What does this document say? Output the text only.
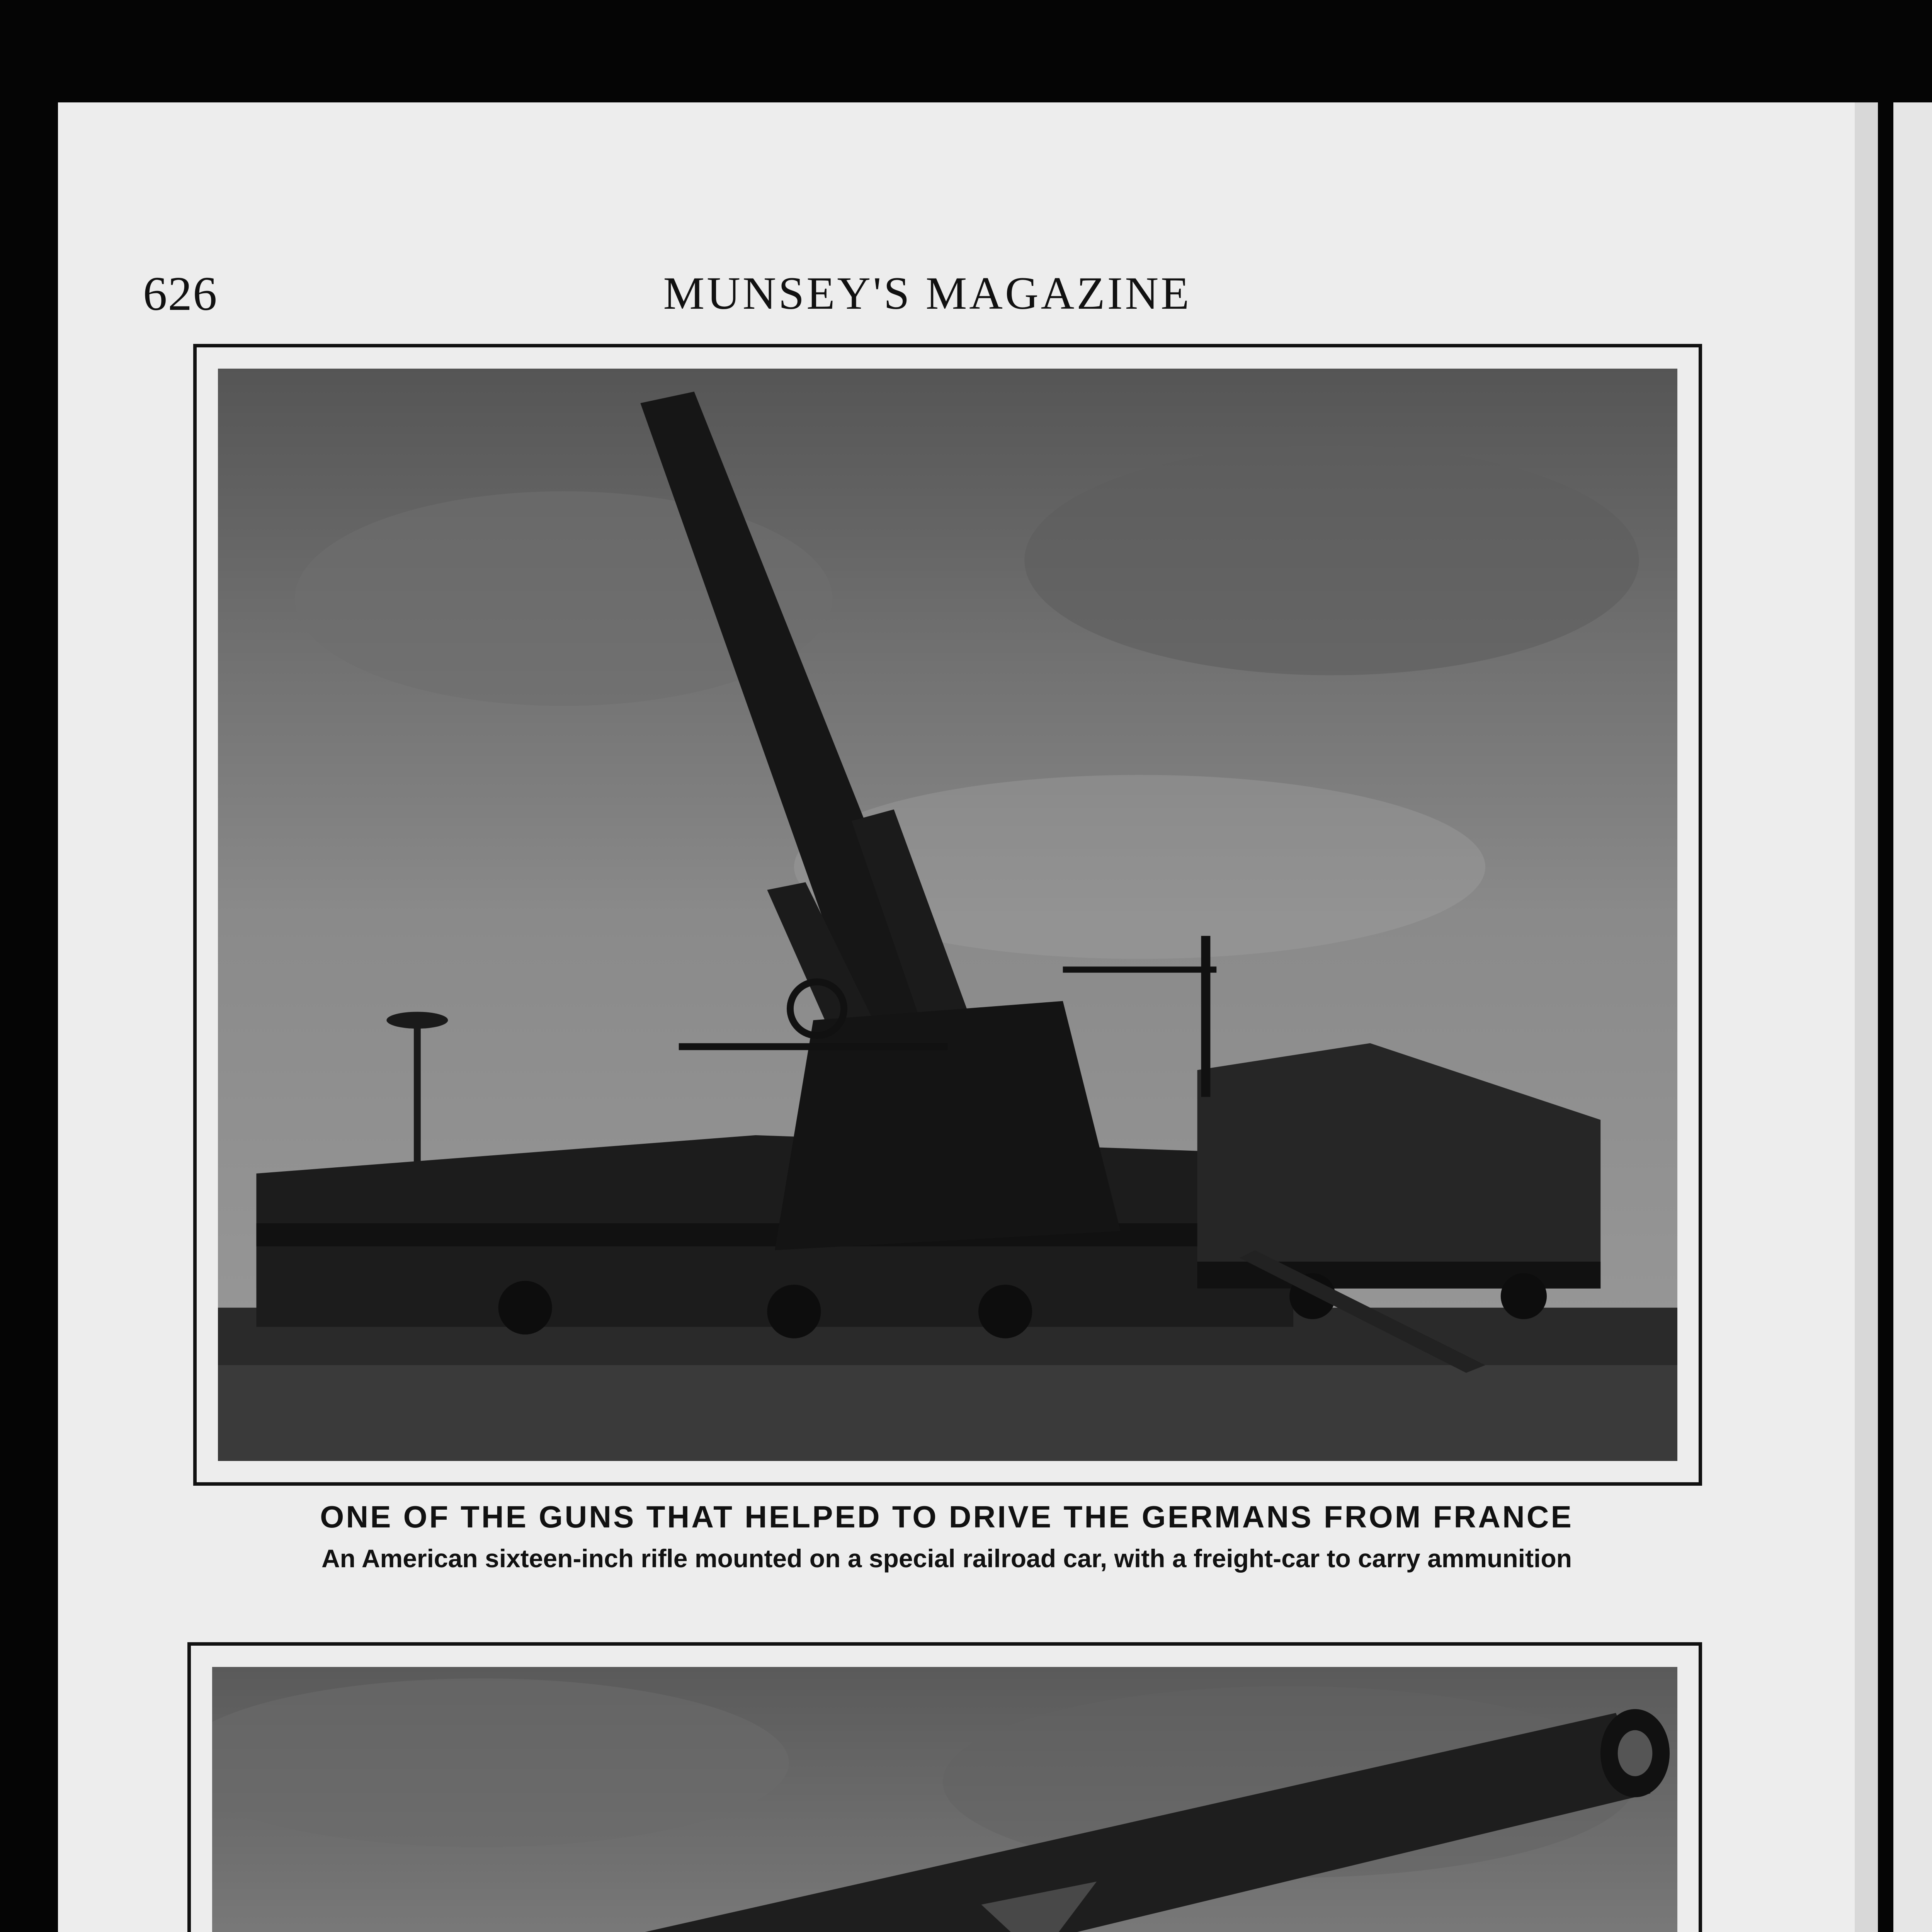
626	MUNSEY'S MAGAZINE
ONE OF THE GUNS THAT HELPED TO DRIVE THE GERMANS FROM FRANCE
An American sixteen-inch rifle mounted on a special railroad car, with a freight-car to carry ammunition
